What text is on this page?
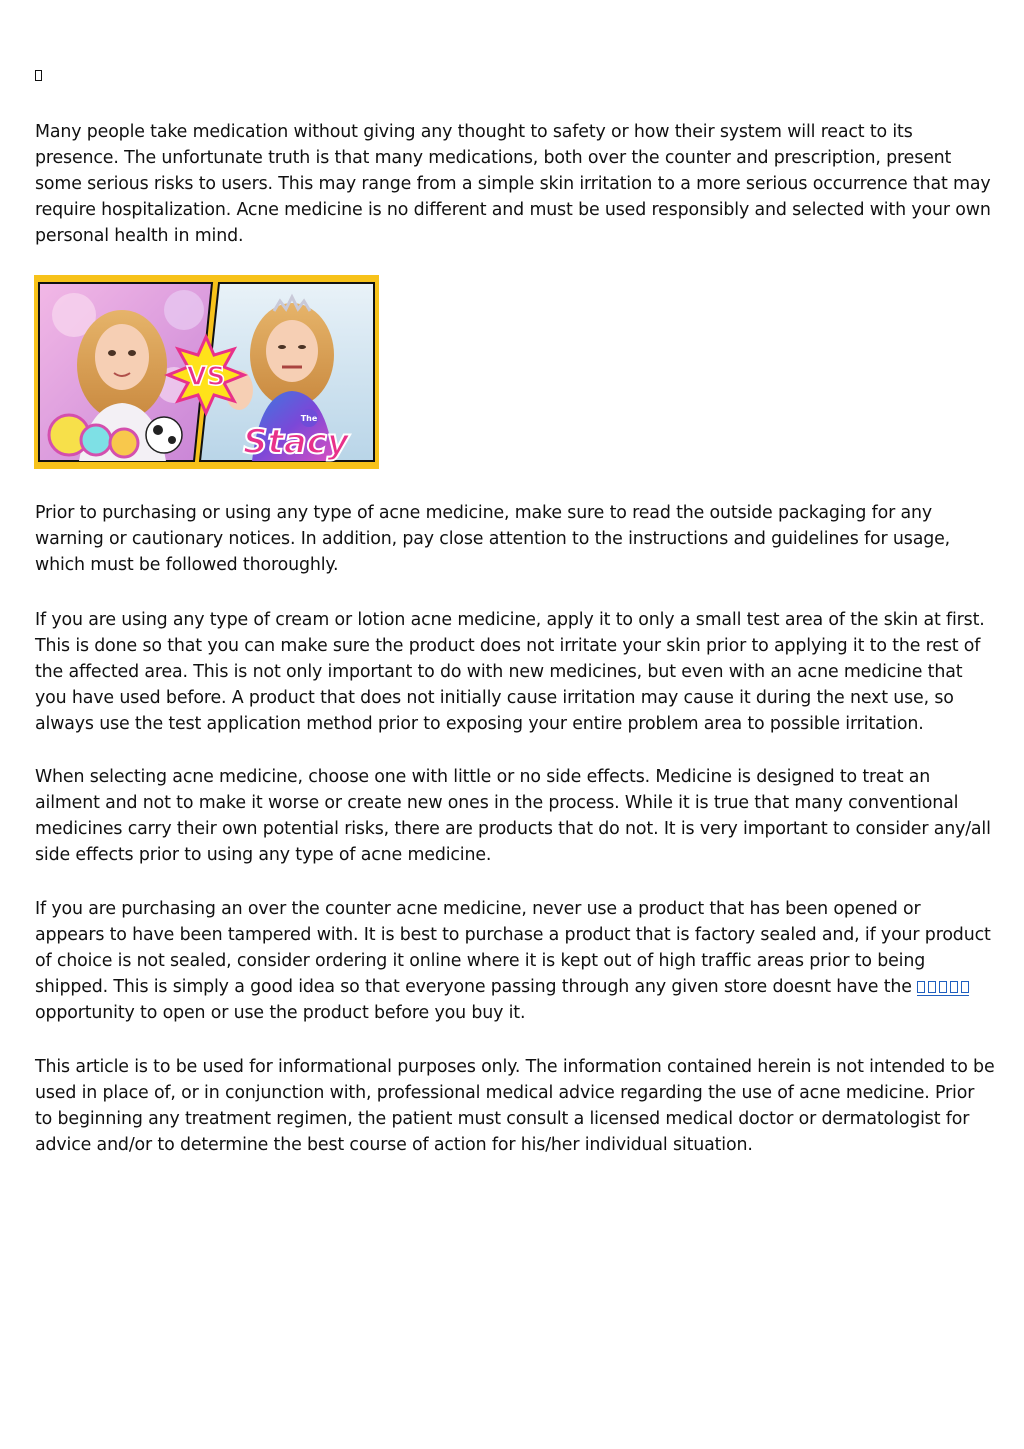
Many people take medication without giving any thought to safety or how their system will react to its presence. The unfortunate truth is that many medications, both over the counter and prescription, present some serious risks to users. This may range from a simple skin irritation to a more serious occurrence that may require hospitalization. Acne medicine is no different and must be used responsibly and selected with your own personal health in mind.

Prior to purchasing or using any type of acne medicine, make sure to read the outside packaging for any warning or cautionary notices. In addition, pay close attention to the instructions and guidelines for usage, which must be followed thoroughly.

If you are using any type of cream or lotion acne medicine, apply it to only a small test area of the skin at first. This is done so that you can make sure the product does not irritate your skin prior to applying it to the rest of the affected area. This is not only important to do with new medicines, but even with an acne medicine that you have used before. A product that does not initially cause irritation may cause it during the next use, so always use the test application method prior to exposing your entire problem area to possible irritation.

When selecting acne medicine, choose one with little or no side effects. Medicine is designed to treat an ailment and not to make it worse or create new ones in the process. While it is true that many conventional medicines carry their own potential risks, there are products that do not. It is very important to consider any/all side effects prior to using any type of acne medicine.

If you are purchasing an over the counter acne medicine, never use a product that has been opened or appears to have been tampered with. It is best to purchase a product that is factory sealed and, if your product of choice is not sealed, consider ordering it online where it is kept out of high traffic areas prior to being shipped. This is simply a good idea so that everyone passing through any given store doesnt have the  opportunity to open or use the product before you buy it.

This article is to be used for informational purposes only. The information contained herein is not intended to be used in place of, or in conjunction with, professional medical advice regarding the use of acne medicine. Prior to beginning any treatment regimen, the patient must consult a licensed medical doctor or dermatologist for advice and/or to determine the best course of action for his/her individual situation.

VS
The
Stacy
